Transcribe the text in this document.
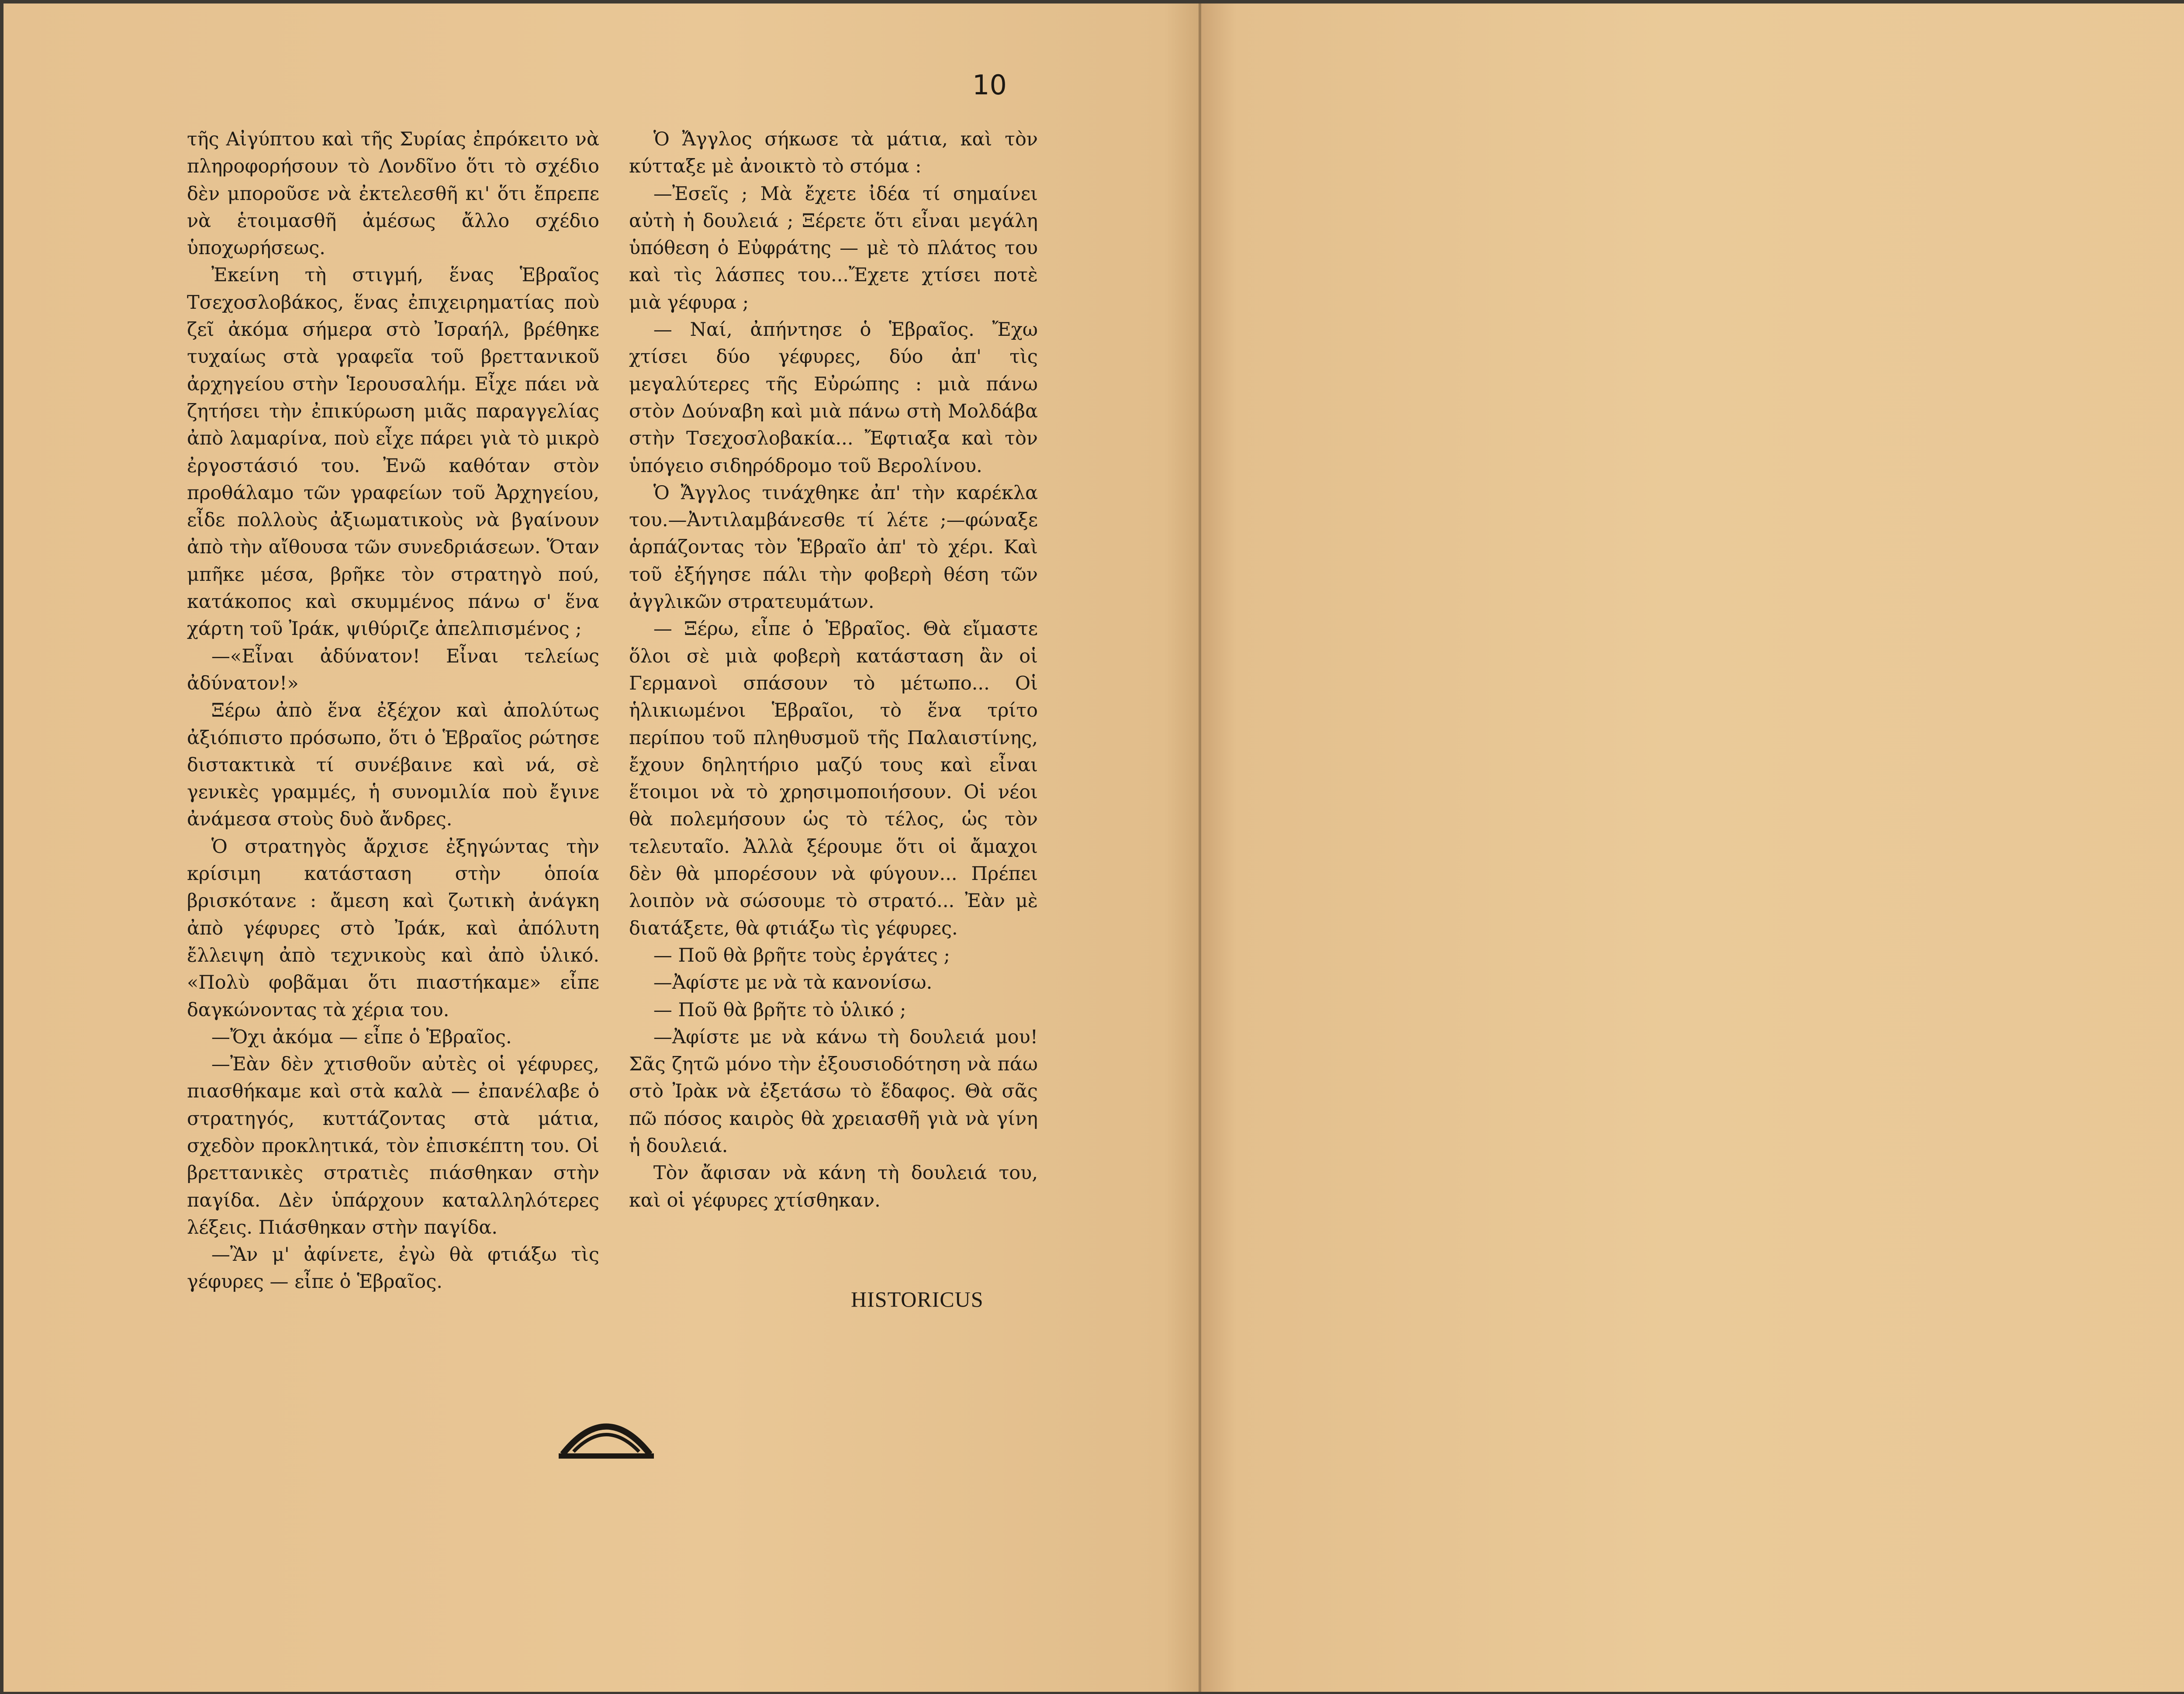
10

τῆς Αἰγύπτου καὶ τῆς Συρίας ἐπρόκειτο νὰ πληροφορήσουν τὸ Λονδῖνο ὅτι τὸ σχέδιο δὲν μποροῦσε νὰ ἐκτελεσθῆ κι' ὅτι ἔπρεπε νὰ ἑτοιμασθῆ ἀμέσως ἄλλο σχέδιο ὑποχωρήσεως.

Ἐκείνη τὴ στιγμή, ἕνας Ἑβραῖος Τσεχοσλοβάκος, ἕνας ἐπιχειρηματίας ποὺ ζεῖ ἀκόμα σήμερα στὸ Ἰσραήλ, βρέθηκε τυχαίως στὰ γραφεῖα τοῦ βρεττανικοῦ ἀρχηγείου στὴν Ἱερουσαλήμ. Εἶχε πάει νὰ ζητήσει τὴν ἐπικύρωση μιᾶς παραγγελίας ἀπὸ λαμαρίνα, ποὺ εἶχε πάρει γιὰ τὸ μικρὸ ἐργοστάσιό του. Ἐνῶ καθόταν στὸν προθάλαμο τῶν γραφείων τοῦ Ἀρχηγείου, εἶδε πολλοὺς ἀξιωματικοὺς νὰ βγαίνουν ἀπὸ τὴν αἴθουσα τῶν συνεδριάσεων. Ὅταν μπῆκε μέσα, βρῆκε τὸν στρατηγὸ πού, κατάκοπος καὶ σκυμμένος πάνω σ' ἕνα χάρτη τοῦ Ἰράκ, ψιθύριζε ἀπελπισμένος ;

—«Εἶναι ἀδύνατον! Εἶναι τελείως ἀδύνατον!»

Ξέρω ἀπὸ ἕνα ἐξέχον καὶ ἀπολύτως ἀξιόπιστο πρόσωπο, ὅτι ὁ Ἑβραῖος ρώτησε διστακτικὰ τί συνέβαινε καὶ νά, σὲ γενικὲς γραμμές, ἡ συνομιλία ποὺ ἔγινε ἀνάμεσα στοὺς δυὸ ἄνδρες.

Ὁ στρατηγὸς ἄρχισε ἐξηγώντας τὴν κρίσιμη κατάσταση στὴν ὁποία βρισκότανε : ἄμεση καὶ ζωτικὴ ἀνάγκη ἀπὸ γέφυρες στὸ Ἰράκ, καὶ ἀπόλυτη ἔλλειψη ἀπὸ τεχνικοὺς καὶ ἀπὸ ὑλικό. «Πολὺ φοβᾶμαι ὅτι πιαστήκαμε» εἶπε δαγκώνοντας τὰ χέρια του.

—Ὄχι ἀκόμα — εἶπε ὁ Ἑβραῖος.

—Ἐὰν δὲν χτισθοῦν αὐτὲς οἱ γέφυρες, πιασθήκαμε καὶ στὰ καλὰ — ἐπανέλαβε ὁ στρατηγός, κυττάζοντας στὰ μάτια, σχεδὸν προκλητικά, τὸν ἐπισκέπτη του. Οἱ βρεττανικὲς στρατιὲς πιάσθηκαν στὴν παγίδα. Δὲν ὑπάρχουν καταλληλότερες λέξεις. Πιάσθηκαν στὴν παγίδα.

—Ἂν μ' ἀφίνετε, ἐγὼ θὰ φτιάξω τὶς γέφυρες — εἶπε ὁ Ἑβραῖος.

Ὁ Ἄγγλος σήκωσε τὰ μάτια, καὶ τὸν κύτταξε μὲ ἀνοικτὸ τὸ στόμα :

—Ἐσεῖς ; Μὰ ἔχετε ἰδέα τί σημαίνει αὐτὴ ἡ δουλειά ; Ξέρετε ὅτι εἶναι μεγάλη ὑπόθεση ὁ Εὐφράτης — μὲ τὸ πλάτος του καὶ τὶς λάσπες του...Ἔχετε χτίσει ποτὲ μιὰ γέφυρα ;

— Ναί, ἀπήντησε ὁ Ἑβραῖος. Ἔχω χτίσει δύο γέφυρες, δύο ἀπ' τὶς μεγαλύτερες τῆς Εὐρώπης : μιὰ πάνω στὸν Δούναβη καὶ μιὰ πάνω στὴ Μολδάβα στὴν Τσεχοσλοβακία... Ἔφτιαξα καὶ τὸν ὑπόγειο σιδηρόδρομο τοῦ Βερολίνου.

Ὁ Ἄγγλος τινάχθηκε ἀπ' τὴν καρέκλα του.—Ἀντιλαμβάνεσθε τί λέτε ;—φώναξε ἁρπάζοντας τὸν Ἑβραῖο ἀπ' τὸ χέρι. Καὶ τοῦ ἐξήγησε πάλι τὴν φοβερὴ θέση τῶν ἀγγλικῶν στρατευμάτων.

— Ξέρω, εἶπε ὁ Ἑβραῖος. Θὰ εἴμαστε ὅλοι σὲ μιὰ φοβερὴ κατάσταση ἂν οἱ Γερμανοὶ σπάσουν τὸ μέτωπο... Οἱ ἡλικιωμένοι Ἑβραῖοι, τὸ ἕνα τρίτο περίπου τοῦ πληθυσμοῦ τῆς Παλαιστίνης, ἔχουν δηλητήριο μαζύ τους καὶ εἶναι ἕτοιμοι νὰ τὸ χρησιμοποιήσουν. Οἱ νέοι θὰ πολεμήσουν ὡς τὸ τέλος, ὡς τὸν τελευταῖο. Ἀλλὰ ξέρουμε ὅτι οἱ ἄμαχοι δὲν θὰ μπορέσουν νὰ φύγουν... Πρέπει λοιπὸν νὰ σώσουμε τὸ στρατό... Ἐὰν μὲ διατάξετε, θὰ φτιάξω τὶς γέφυρες.

— Ποῦ θὰ βρῆτε τοὺς ἐργάτες ;

—Ἀφίστε με νὰ τὰ κανονίσω.

— Ποῦ θὰ βρῆτε τὸ ὑλικό ;

—Ἀφίστε με νὰ κάνω τὴ δουλειά μου! Σᾶς ζητῶ μόνο τὴν ἐξουσιοδότηση νὰ πάω στὸ Ἰρὰκ νὰ ἐξετάσω τὸ ἔδαφος. Θὰ σᾶς πῶ πόσος καιρὸς θὰ χρειασθῆ γιὰ νὰ γίνη ἡ δουλειά.

Τὸν ἄφισαν νὰ κάνη τὴ δουλειά του, καὶ οἱ γέφυρες χτίσθηκαν.

HISTORICUS
